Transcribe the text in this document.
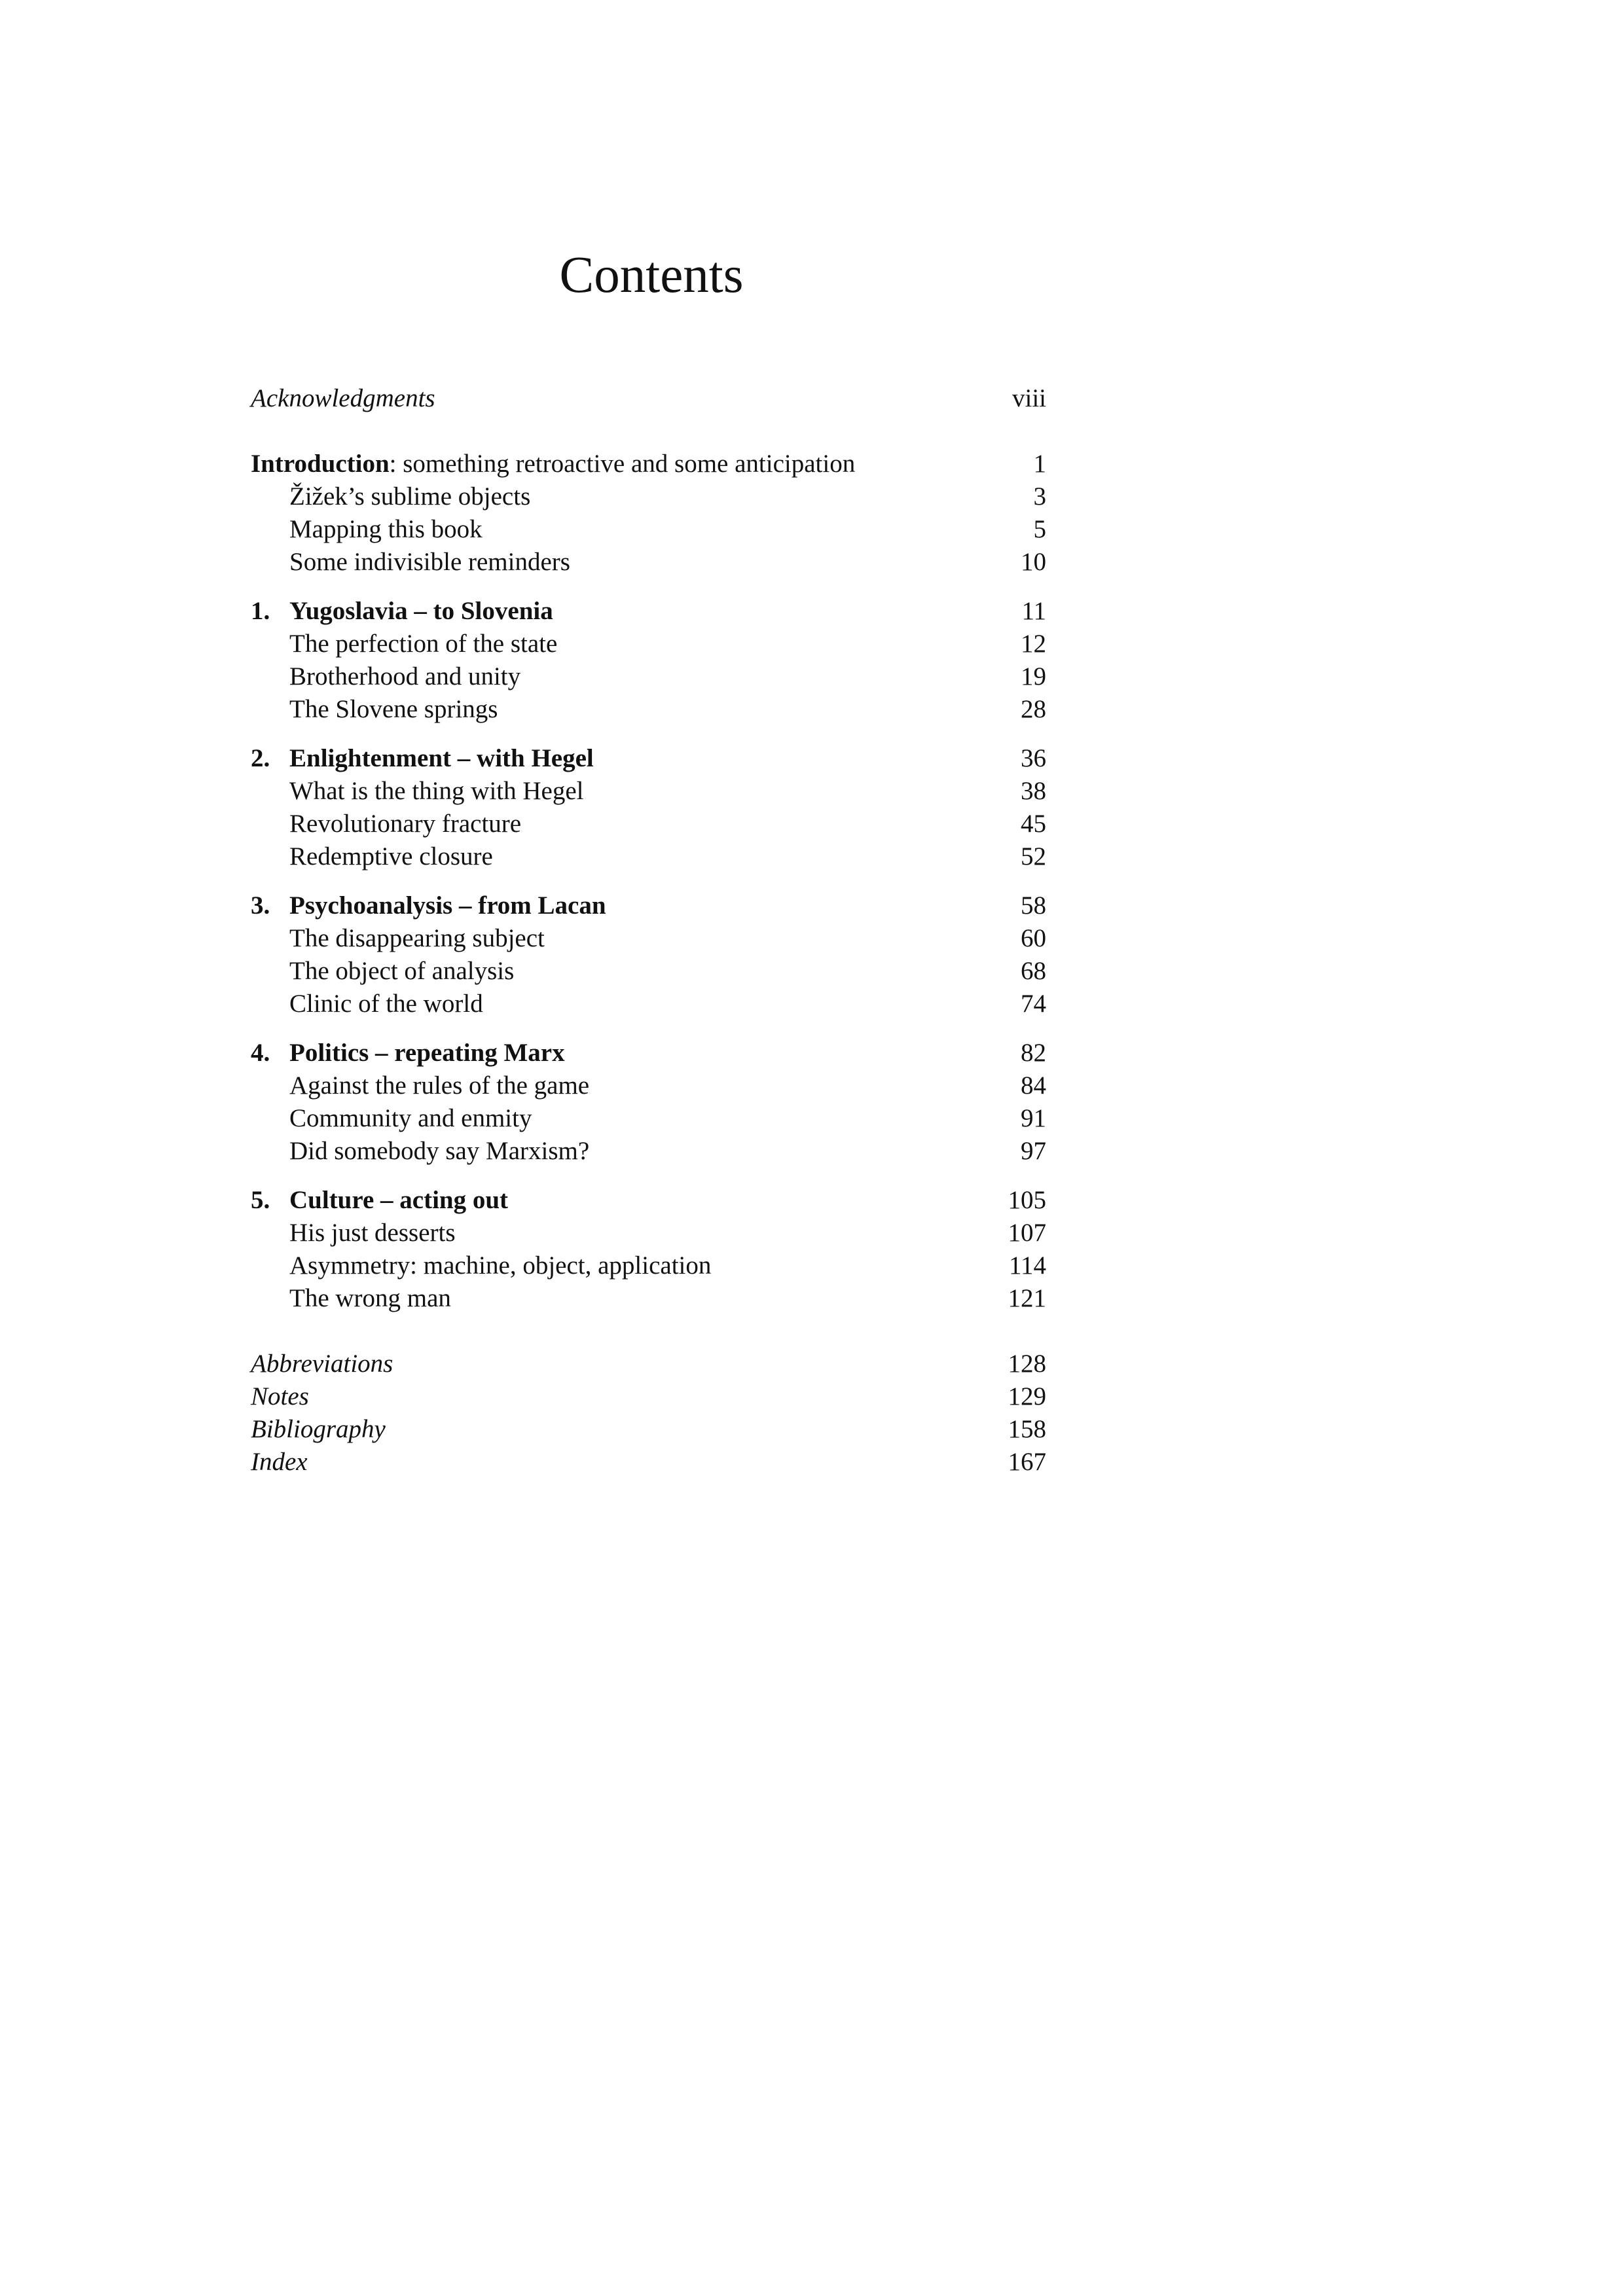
Contents
Acknowledgments	viii
Introduction: something retroactive and some anticipation	1
Žižek’s sublime objects	3
Mapping this book	5
Some indivisible reminders	10
1. Yugoslavia – to Slovenia	11
The perfection of the state	12
Brotherhood and unity	19
The Slovene springs	28
2. Enlightenment – with Hegel	36
What is the thing with Hegel	38
Revolutionary fracture	45
Redemptive closure	52
3. Psychoanalysis – from Lacan	58
The disappearing subject	60
The object of analysis	68
Clinic of the world	74
4. Politics – repeating Marx	82
Against the rules of the game	84
Community and enmity	91
Did somebody say Marxism?	97
5. Culture – acting out	105
His just desserts	107
Asymmetry: machine, object, application	114
The wrong man	121
Abbreviations	128
Notes	129
Bibliography	158
Index	167
